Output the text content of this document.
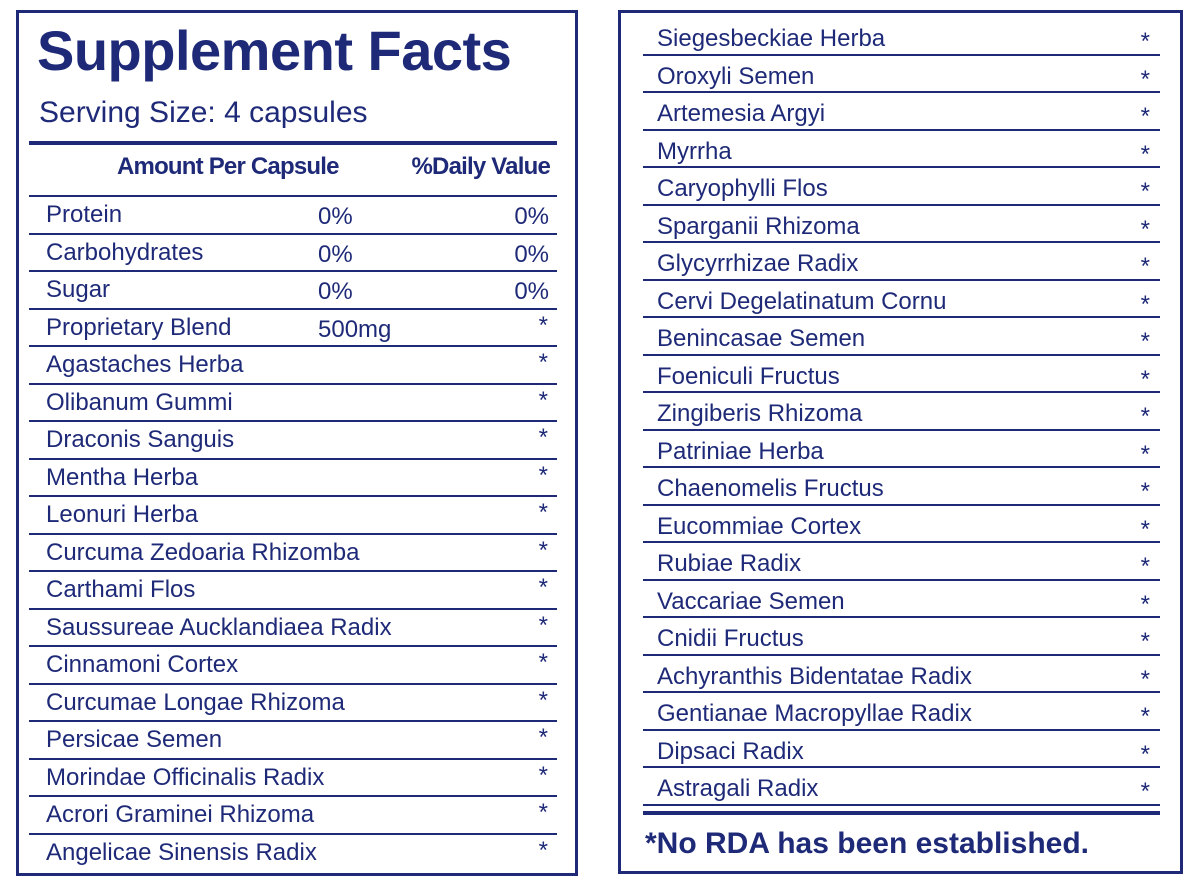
Supplement Facts
Serving Size: 4 capsules
Amount Per Capsule	%Daily Value
Protein	0%	0%
Carbohydrates	0%	0%
Sugar	0%	0%
Proprietary Blend	500mg	*
Agastaches Herba	*
Olibanum Gummi	*
Draconis Sanguis	*
Mentha Herba	*
Leonuri Herba	*
Curcuma Zedoaria Rhizomba	*
Carthami Flos	*
Saussureae Aucklandiaea Radix	*
Cinnamoni Cortex	*
Curcumae Longae Rhizoma	*
Persicae Semen	*
Morindae Officinalis Radix	*
Acrori Graminei Rhizoma	*
Angelicae Sinensis Radix	*
Siegesbeckiae Herba	*
Oroxyli Semen	*
Artemesia Argyi	*
Myrrha	*
Caryophylli Flos	*
Sparganii Rhizoma	*
Glycyrrhizae Radix	*
Cervi Degelatinatum Cornu	*
Benincasae Semen	*
Foeniculi Fructus	*
Zingiberis Rhizoma	*
Patriniae Herba	*
Chaenomelis Fructus	*
Eucommiae Cortex	*
Rubiae Radix	*
Vaccariae Semen	*
Cnidii Fructus	*
Achyranthis Bidentatae Radix	*
Gentianae Macropyllae Radix	*
Dipsaci Radix	*
Astragali Radix	*
*No RDA has been established.
